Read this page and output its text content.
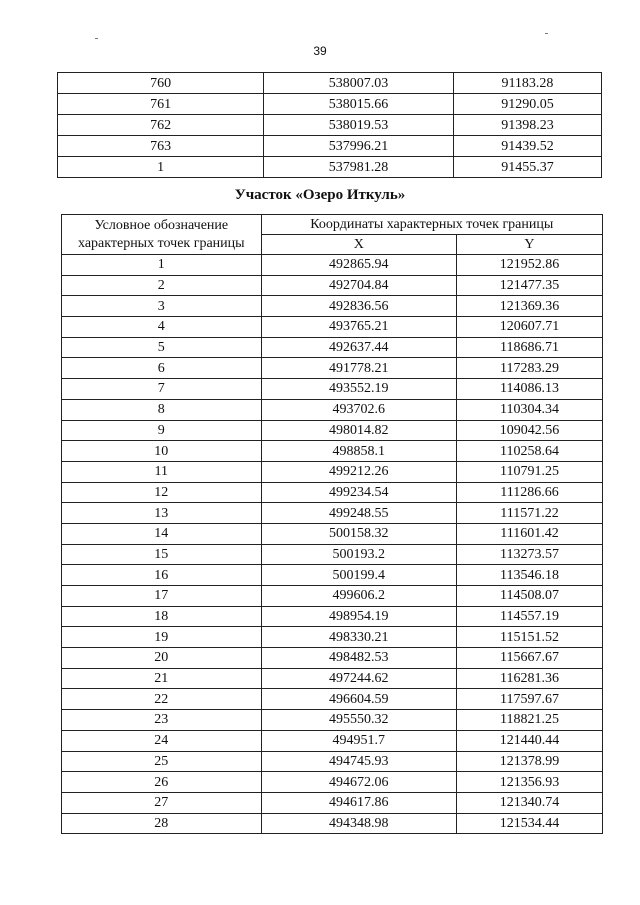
39
760	538007.03	91183.28
761	538015.66	91290.05
762	538019.53	91398.23
763	537996.21	91439.52
1	537981.28	91455.37
Участок «Озеро Иткуль»
Условное обозначение характерных точек границы	Координаты характерных точек границы	
	X	Y
1	492865.94	121952.86
2	492704.84	121477.35
3	492836.56	121369.36
4	493765.21	120607.71
5	492637.44	118686.71
6	491778.21	117283.29
7	493552.19	114086.13
8	493702.6	110304.34
9	498014.82	109042.56
10	498858.1	110258.64
11	499212.26	110791.25
12	499234.54	111286.66
13	499248.55	111571.22
14	500158.32	111601.42
15	500193.2	113273.57
16	500199.4	113546.18
17	499606.2	114508.07
18	498954.19	114557.19
19	498330.21	115151.52
20	498482.53	115667.67
21	497244.62	116281.36
22	496604.59	117597.67
23	495550.32	118821.25
24	494951.7	121440.44
25	494745.93	121378.99
26	494672.06	121356.93
27	494617.86	121340.74
28	494348.98	121534.44
